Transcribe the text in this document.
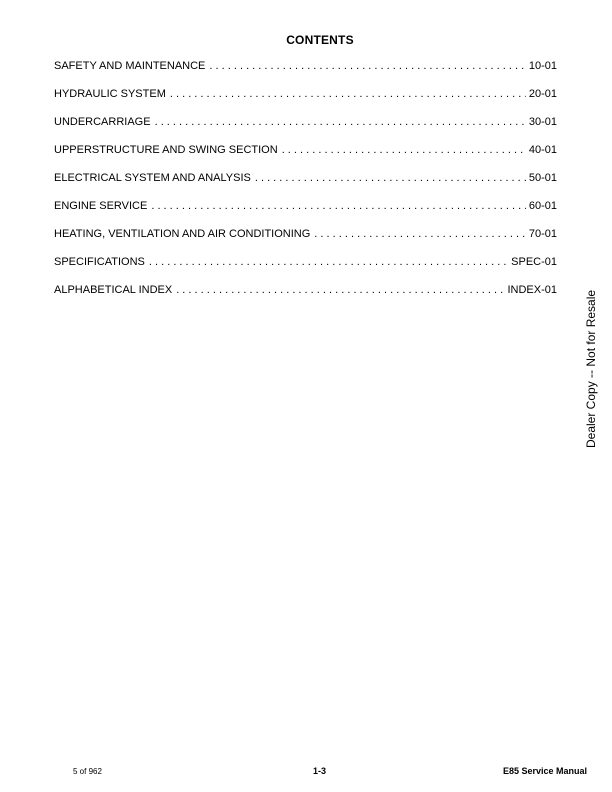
CONTENTS
SAFETY AND MAINTENANCE . . .	10-01
HYDRAULIC SYSTEM . . .	20-01
UNDERCARRIAGE . . .	30-01
UPPERSTRUCTURE AND SWING SECTION . . .	40-01
ELECTRICAL SYSTEM AND ANALYSIS . . .	50-01
ENGINE SERVICE . . .	60-01
HEATING, VENTILATION AND AIR CONDITIONING . . .	70-01
SPECIFICATIONS . . .	SPEC-01
ALPHABETICAL INDEX . . .	INDEX-01 Dealer Copy -- Not for Resale
5 of 962	1-3	E85 Service Manual
